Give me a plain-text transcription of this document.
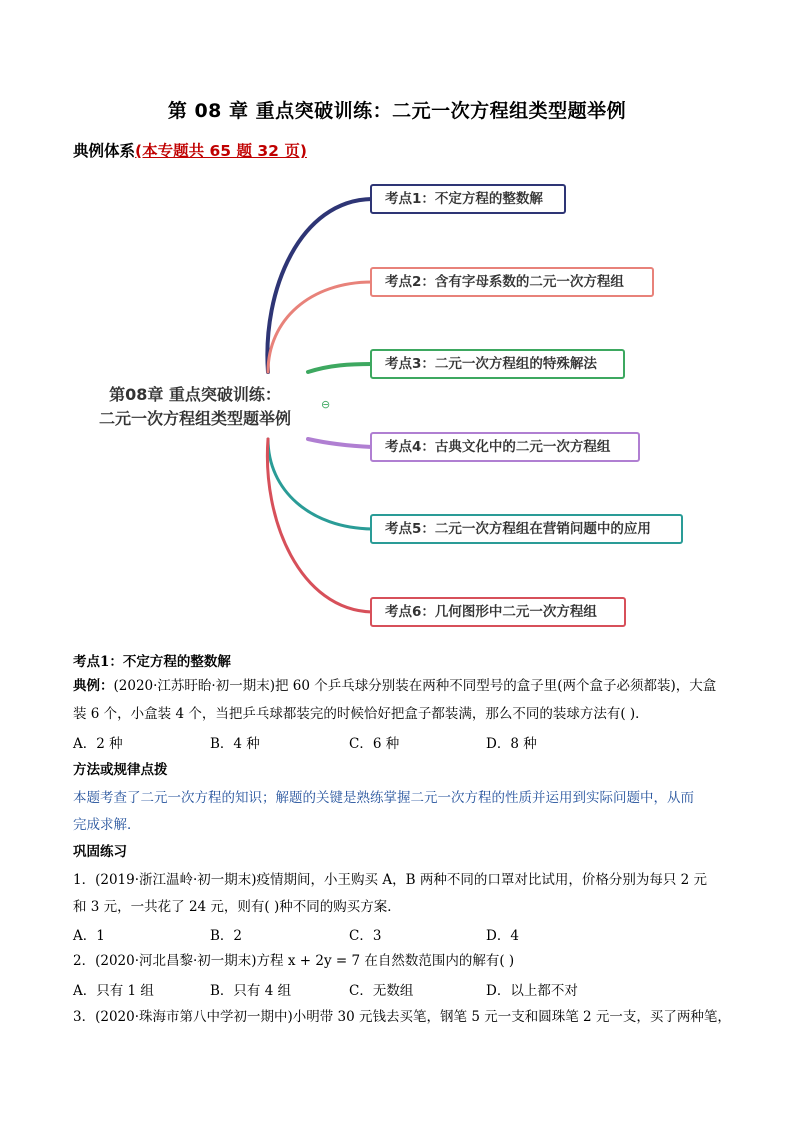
第 08 章 重点突破训练：二元一次方程组类型题举例
典例体系(本专题共 65 题 32 页)
第08章 重点突破训练：
二元一次方程组类型题举例
⊖
考点1：不定方程的整数解
考点2：含有字母系数的二元一次方程组
考点3：二元一次方程组的特殊解法
考点4：古典文化中的二元一次方程组
考点5：二元一次方程组在营销问题中的应用
考点6：几何图形中二元一次方程组
考点1：不定方程的整数解
典例：(2020·江苏盱眙·初一期末)把 60 个乒乓球分别装在两种不同型号的盒子里(两个盒子必须都装)，大盒
装 6 个，小盒装 4 个，当把乒乓球都装完的时候恰好把盒子都装满，那么不同的装球方法有( )．
A．2 种	B．4 种	C．6 种	D．8 种
方法或规律点拨
本题考查了二元一次方程的知识；解题的关键是熟练掌握二元一次方程的性质并运用到实际问题中，从而
完成求解．
巩固练习
1．(2019·浙江温岭·初一期末)疫情期间，小王购买 A，B 两种不同的口罩对比试用，价格分别为每只 2 元
和 3 元，一共花了 24 元，则有( )种不同的购买方案．
A．1	B．2	C．3	D．4
2．(2020·河北昌黎·初一期末)方程 x + 2y = 7 在自然数范围内的解有( )
A．只有 1 组	B．只有 4 组	C．无数组	D．以上都不对
3．(2020·珠海市第八中学初一期中)小明带 30 元钱去买笔，钢笔 5 元一支和圆珠笔 2 元一支，买了两种笔，
